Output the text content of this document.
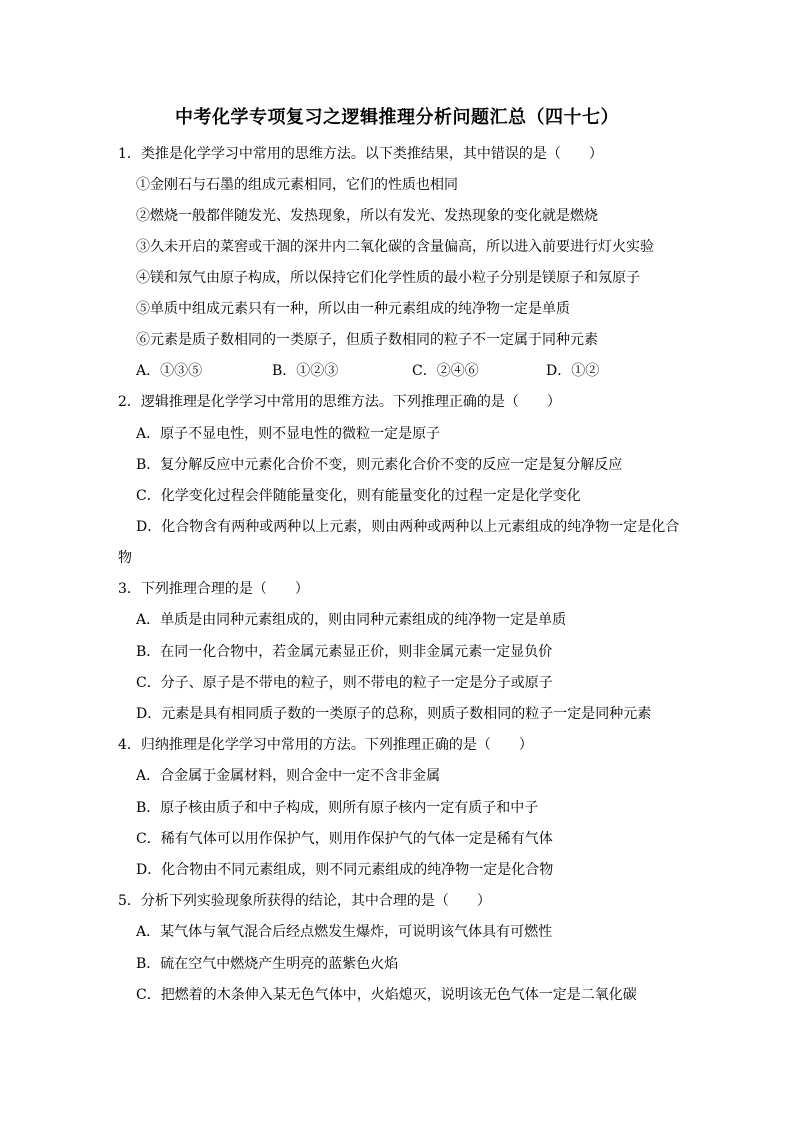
中考化学专项复习之逻辑推理分析问题汇总（四十七）
1．类推是化学学习中常用的思维方法。以下类推结果，其中错误的是（　　）
①金刚石与石墨的组成元素相同，它们的性质也相同
②燃烧一般都伴随发光、发热现象，所以有发光、发热现象的变化就是燃烧
③久未开启的菜窖或干涸的深井内二氧化碳的含量偏高，所以进入前要进行灯火实验
④镁和氖气由原子构成，所以保持它们化学性质的最小粒子分别是镁原子和氖原子
⑤单质中组成元素只有一种，所以由一种元素组成的纯净物一定是单质
⑥元素是质子数相同的一类原子，但质子数相同的粒子不一定属于同种元素
A．①③⑤	B．①②③	C．②④⑥	D．①②
2．逻辑推理是化学学习中常用的思维方法。下列推理正确的是（　　）
A．原子不显电性，则不显电性的微粒一定是原子
B．复分解反应中元素化合价不变，则元素化合价不变的反应一定是复分解反应
C．化学变化过程会伴随能量变化，则有能量变化的过程一定是化学变化
D．化合物含有两种或两种以上元素，则由两种或两种以上元素组成的纯净物一定是化合
物
3．下列推理合理的是（　　）
A．单质是由同种元素组成的，则由同种元素组成的纯净物一定是单质
B．在同一化合物中，若金属元素显正价，则非金属元素一定显负价
C．分子、原子是不带电的粒子，则不带电的粒子一定是分子或原子
D．元素是具有相同质子数的一类原子的总称，则质子数相同的粒子一定是同种元素
4．归纳推理是化学学习中常用的方法。下列推理正确的是（　　）
A．合金属于金属材料，则合金中一定不含非金属
B．原子核由质子和中子构成，则所有原子核内一定有质子和中子
C．稀有气体可以用作保护气，则用作保护气的气体一定是稀有气体
D．化合物由不同元素组成，则不同元素组成的纯净物一定是化合物
5．分析下列实验现象所获得的结论，其中合理的是（　　）
A．某气体与氧气混合后经点燃发生爆炸，可说明该气体具有可燃性
B．硫在空气中燃烧产生明亮的蓝紫色火焰
C．把燃着的木条伸入某无色气体中，火焰熄灭，说明该无色气体一定是二氧化碳
